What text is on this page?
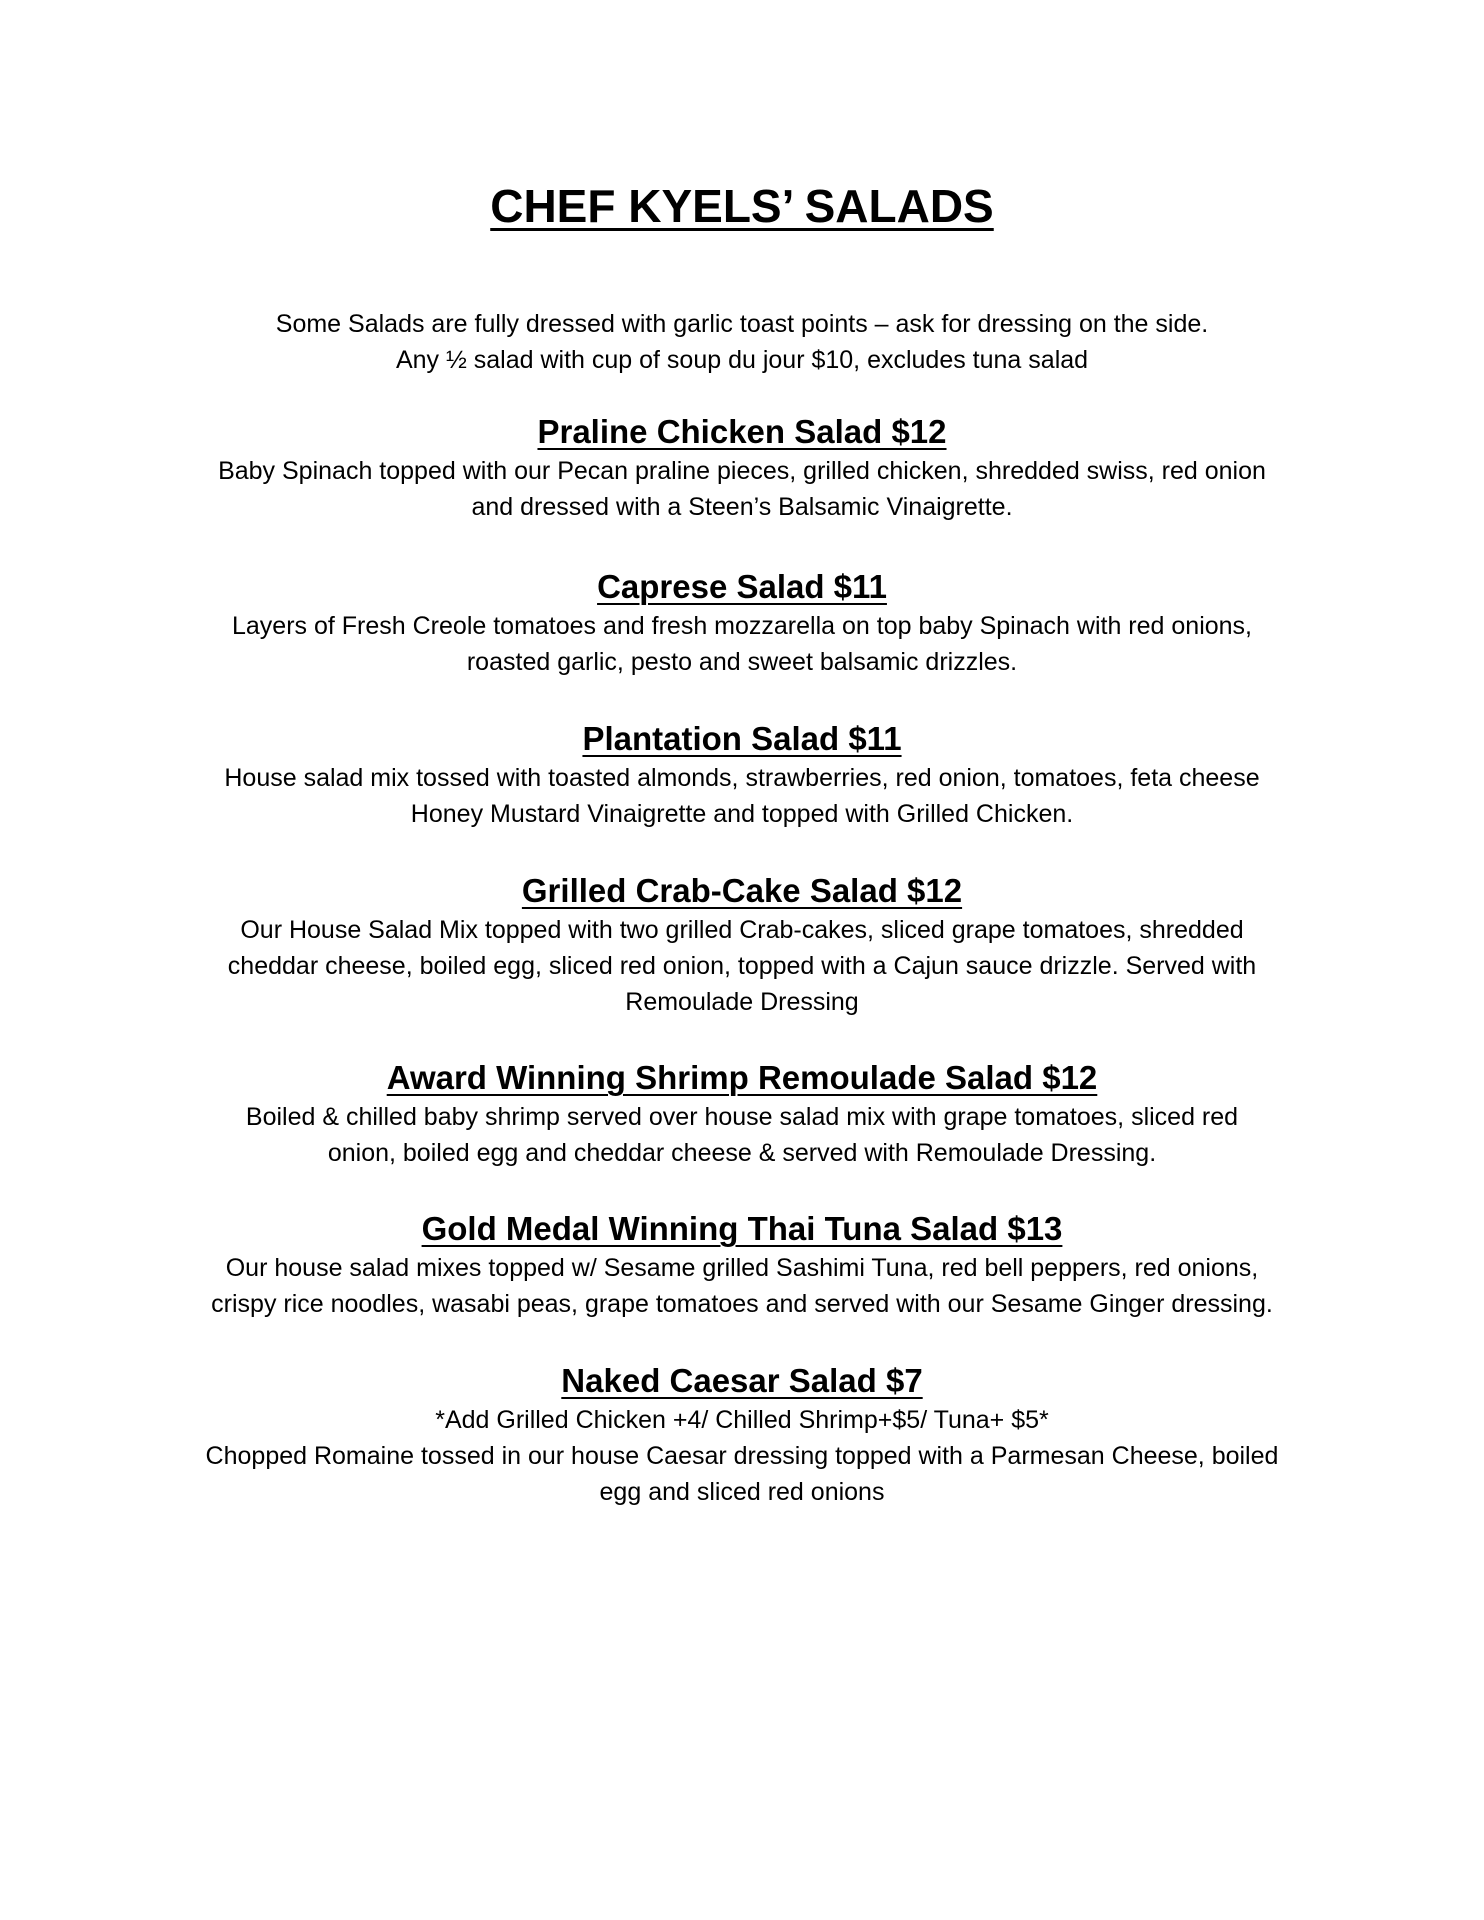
CHEF KYELS’ SALADS
Some Salads are fully dressed with garlic toast points – ask for dressing on the side.
Any ½ salad with cup of soup du jour $10, excludes tuna salad
Praline Chicken Salad $12
Baby Spinach topped with our Pecan praline pieces, grilled chicken, shredded swiss, red onion
and dressed with a Steen’s Balsamic Vinaigrette.
Caprese Salad $11
Layers of Fresh Creole tomatoes and fresh mozzarella on top baby Spinach with red onions,
roasted garlic, pesto and sweet balsamic drizzles.
Plantation Salad $11
House salad mix tossed with toasted almonds, strawberries, red onion, tomatoes, feta cheese
Honey Mustard Vinaigrette and topped with Grilled Chicken.
Grilled Crab-Cake Salad $12
Our House Salad Mix topped with two grilled Crab-cakes, sliced grape tomatoes, shredded
cheddar cheese, boiled egg, sliced red onion, topped with a Cajun sauce drizzle. Served with
Remoulade Dressing
Award Winning Shrimp Remoulade Salad $12
Boiled & chilled baby shrimp served over house salad mix with grape tomatoes, sliced red
onion, boiled egg and cheddar cheese & served with Remoulade Dressing.
Gold Medal Winning Thai Tuna Salad $13
Our house salad mixes topped w/ Sesame grilled Sashimi Tuna, red bell peppers, red onions,
crispy rice noodles, wasabi peas, grape tomatoes and served with our Sesame Ginger dressing.
Naked Caesar Salad $7
*Add Grilled Chicken +4/ Chilled Shrimp+$5/ Tuna+ $5*
Chopped Romaine tossed in our house Caesar dressing topped with a Parmesan Cheese, boiled
egg and sliced red onions
